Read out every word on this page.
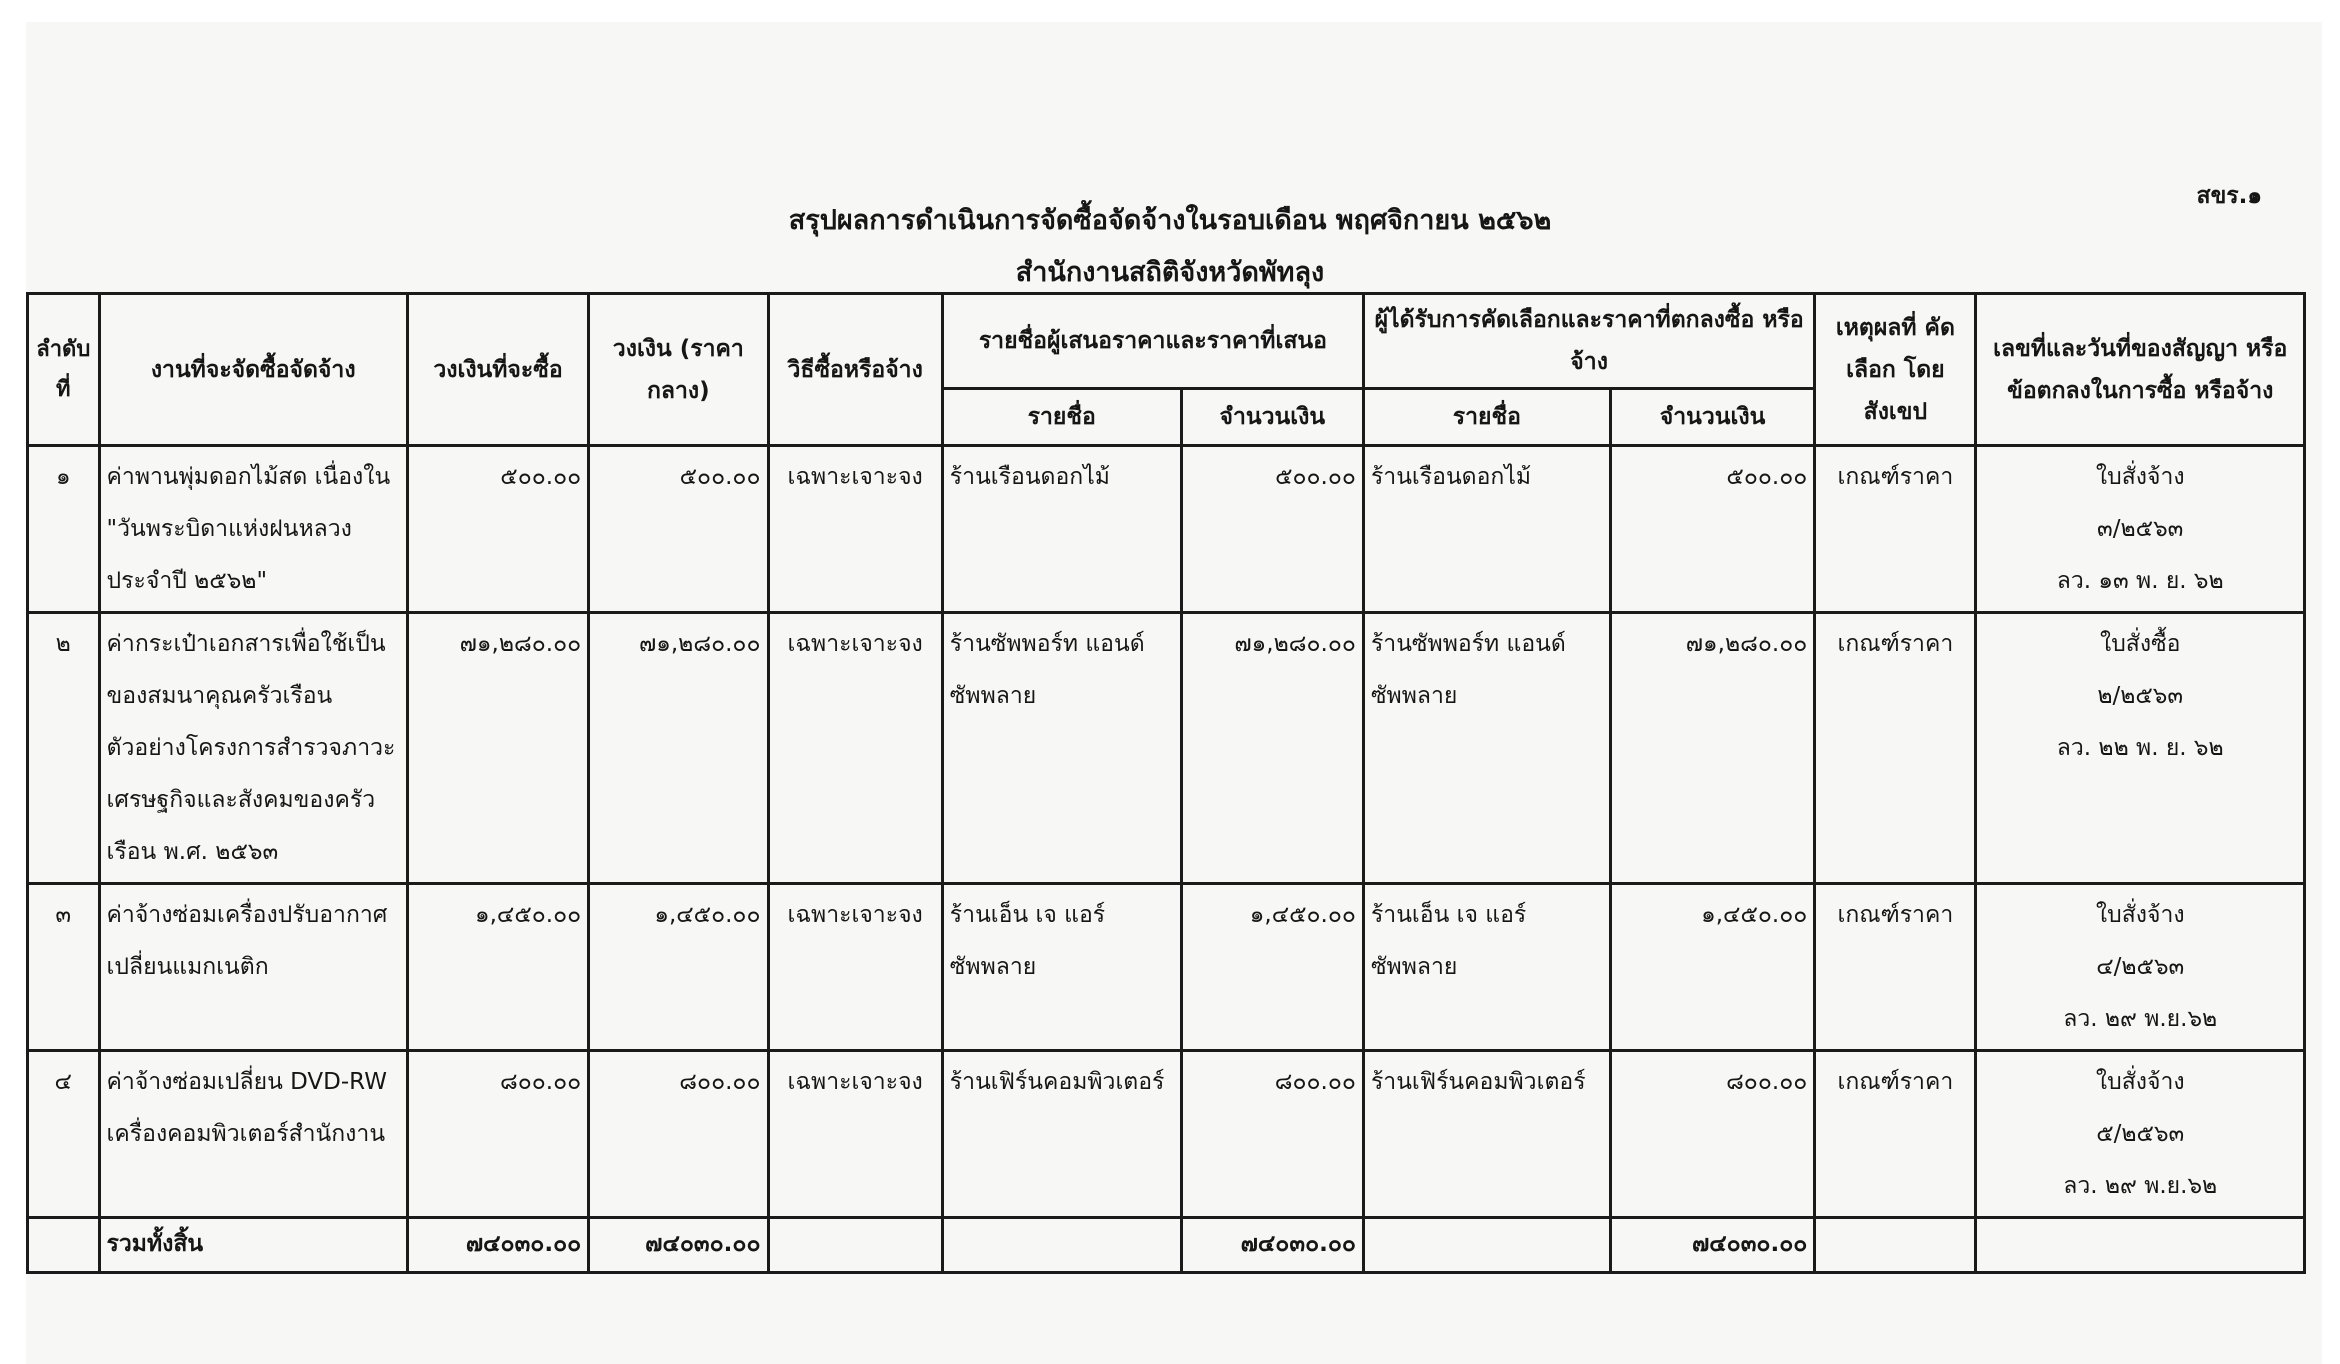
สขร.๑
สรุปผลการดำเนินการจัดซื้อจัดจ้างในรอบเดือน พฤศจิกายน ๒๕๖๒
สำนักงานสถิติจังหวัดพัทลุง
ลำดับ ที่	งานที่จะจัดซื้อจัดจ้าง	วงเงินที่จะซื้อ	วงเงิน (ราคากลาง)	วิธีซื้อหรือจ้าง	รายชื่อผู้เสนอราคาและราคาที่เสนอ		ผู้ได้รับการคัดเลือกและราคาที่ตกลงซื้อ หรือจ้าง		เหตุผลที่ คัดเลือก โดยสังเขป	เลขที่และวันที่ของสัญญา หรือข้อตกลงในการซื้อ หรือจ้าง
					รายชื่อ	จำนวนเงิน	รายชื่อ	จำนวนเงิน		
๑	ค่าพานพุ่มดอกไม้สด เนื่องใน "วันพระบิดาแห่งฝนหลวง ประจำปี ๒๕๖๒"	๕๐๐.๐๐	๕๐๐.๐๐	เฉพาะเจาะจง	ร้านเรือนดอกไม้	๕๐๐.๐๐	ร้านเรือนดอกไม้	๕๐๐.๐๐	เกณฑ์ราคา	ใบสั่งจ้าง
๓/๒๕๖๓
ลว. ๑๓ พ. ย. ๖๒

๒	ค่ากระเป๋าเอกสารเพื่อใช้เป็นของสมนาคุณครัวเรือนตัวอย่างโครงการสำรวจภาวะเศรษฐกิจและสังคมของครัวเรือน พ.ศ. ๒๕๖๓	๗๑,๒๘๐.๐๐	๗๑,๒๘๐.๐๐	เฉพาะเจาะจง	ร้านซัพพอร์ท แอนด์ ซัพพลาย	๗๑,๒๘๐.๐๐	ร้านซัพพอร์ท แอนด์ ซัพพลาย	๗๑,๒๘๐.๐๐	เกณฑ์ราคา	ใบสั่งซื้อ
๒/๒๕๖๓
ลว. ๒๒ พ. ย. ๖๒

๓	ค่าจ้างซ่อมเครื่องปรับอากาศ เปลี่ยนแมกเนติก	๑,๔๕๐.๐๐	๑,๔๕๐.๐๐	เฉพาะเจาะจง	ร้านเอ็น เจ แอร์ ซัพพลาย	๑,๔๕๐.๐๐	ร้านเอ็น เจ แอร์ ซัพพลาย	๑,๔๕๐.๐๐	เกณฑ์ราคา	ใบสั่งจ้าง
๔/๒๕๖๓
ลว. ๒๙ พ.ย.๖๒

๔	ค่าจ้างซ่อมเปลี่ยน DVD-RW เครื่องคอมพิวเตอร์สำนักงาน	๘๐๐.๐๐	๘๐๐.๐๐	เฉพาะเจาะจง	ร้านเฟิร์นคอมพิวเตอร์	๘๐๐.๐๐	ร้านเฟิร์นคอมพิวเตอร์	๘๐๐.๐๐	เกณฑ์ราคา	ใบสั่งจ้าง
๕/๒๕๖๓
ลว. ๒๙ พ.ย.๖๒

	รวมทั้งสิ้น	๗๔๐๓๐.๐๐	๗๔๐๓๐.๐๐			๗๔๐๓๐.๐๐		๗๔๐๓๐.๐๐		
